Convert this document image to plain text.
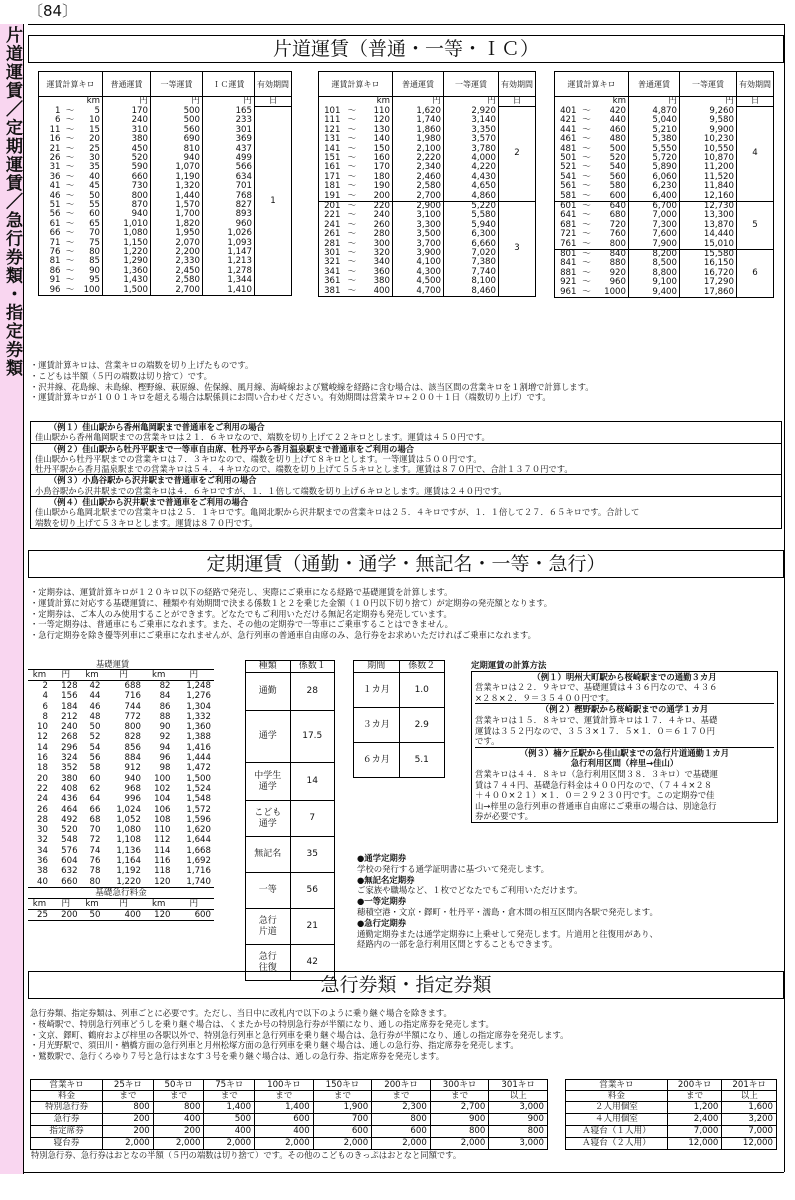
片道運賃／定期運賃／急行券類・指定券類
〔84〕
片道運賃（普通・一等・ＩＣ）
運賃計算キロ			普通運賃	一等運賃	ＩＣ運賃	有効期間
km			円	円	円	日
1	〜	5	170	500	165	1
6	〜	10	240	500	233	
11	〜	15	310	560	301	
16	〜	20	380	690	369	
21	〜	25	450	810	437	
26	〜	30	520	940	499	
31	〜	35	590	1,070	566	
36	〜	40	660	1,190	634	
41	〜	45	730	1,320	701	
46	〜	50	800	1,440	768	
51	〜	55	870	1,570	827	
56	〜	60	940	1,700	893	
61	〜	65	1,010	1,820	960	
66	〜	70	1,080	1,950	1,026	
71	〜	75	1,150	2,070	1,093	
76	〜	80	1,220	2,200	1,147	
81	〜	85	1,290	2,330	1,213	
86	〜	90	1,360	2,450	1,278	
91	〜	95	1,430	2,580	1,344	
96	〜	100	1,500	2,700	1,410	
運賃計算キロ			普通運賃	一等運賃	有効期間
km			円	円	日
101	〜	110	1,620	2,920	2
111	〜	120	1,740	3,140	
121	〜	130	1,860	3,350	
131	〜	140	1,980	3,570	
141	〜	150	2,100	3,780	
151	〜	160	2,220	4,000	
161	〜	170	2,340	4,220	
171	〜	180	2,460	4,430	
181	〜	190	2,580	4,650	
191	〜	200	2,700	4,860	
201	〜	220	2,900	5,220	3
221	〜	240	3,100	5,580	
241	〜	260	3,300	5,940	
261	〜	280	3,500	6,300	
281	〜	300	3,700	6,660	
301	〜	320	3,900	7,020	
321	〜	340	4,100	7,380	
341	〜	360	4,300	7,740	
361	〜	380	4,500	8,100	
381	〜	400	4,700	8,460	
運賃計算キロ			普通運賃	一等運賃	有効期間
km			円	円	日
401	〜	420	4,870	9,260	4
421	〜	440	5,040	9,580	
441	〜	460	5,210	9,900	
461	〜	480	5,380	10,230	
481	〜	500	5,550	10,550	
501	〜	520	5,720	10,870	
521	〜	540	5,890	11,200	
541	〜	560	6,060	11,520	
561	〜	580	6,230	11,840	
581	〜	600	6,400	12,160	
601	〜	640	6,700	12,730	5
641	〜	680	7,000	13,300	
681	〜	720	7,300	13,870	
721	〜	760	7,600	14,440	
761	〜	800	7,900	15,010	
801	〜	840	8,200	15,580	6
841	〜	880	8,500	16,150	
881	〜	920	8,800	16,720	
921	〜	960	9,100	17,290	
961	〜	1000	9,400	17,860	
・運賃計算キロは、営業キロの端数を切り上げたものです。
・こどもは半額（５円の端数は切り捨て）です。
・沢井線、花島線、未島線、樫野線、萩原線、佐保線、風月線、海崎線および鷲峻線を経路に含む場合は、該当区間の営業キロを１割増で計算します。
・運賃計算キロが１００１キロを超える場合は駅係員にお問い合わせください。有効期間は営業キロ÷２００＋１日（端数切り上げ）です。
（例１）佳山駅から香州亀岡駅まで普通車をご利用の場合
佳山駅から香州亀岡駅までの営業キロは２１．６キロなので、端数を切り上げて２２キロとします。運賃は４５０円です。
（例２）佳山駅から牡丹平駅まで一等車自由席、牡丹平から香月温泉駅まで普通車をご利用の場合
佳山駅から牡丹平駅までの営業キロは７．３キロなので、端数を切り上げて８キロとします。一等運賃は５００円です。
牡丹平駅から香月温泉駅までの営業キロは５４．４キロなので、端数を切り上げて５５キロとします。運賃は８７０円で、合計１３７０円です。
（例３）小鳥谷駅から沢井駅まで普通車をご利用の場合
小鳥谷駅から沢井駅までの営業キロは４．６キロですが、１．１倍して端数を切り上げ６キロとします。運賃は２４０円です。
（例４）佳山駅から沢井駅まで普通車をご利用の場合
佳山駅から亀岡北駅までの営業キロは２５．１キロです。亀岡北駅から沢井駅までの営業キロは２５．４キロですが、１．１倍して２７．６５キロです。合計して
端数を切り上げて５３キロとします。運賃は８７０円です。
定期運賃（通勤・通学・無記名・一等・急行）
・定期券は、運賃計算キロが１２０キロ以下の経路で発売し、実際にご乗車になる経路で基礎運賃を計算します。
・運賃計算に対応する基礎運賃に、種類や有効期間で決まる係数１と２を乗じた金額（１０円以下切り捨て）が定期券の発売額となります。
・定期券は、ご本人のみ使用することができます。どなたでもご利用いただける無記名定期券も発売しています。
・一等定期券は、普通車にもご乗車になれます。また、その他の定期券で一等車にご乗車することはできません。
・急行定期券を除き優等列車にご乗車になれませんが、急行列車の普通車自由席のみ、急行券をお求めいただければご乗車になれます。
基礎運賃
km	円	km	円	km	円
2	128	42	688	82	1,248
4	156	44	716	84	1,276
6	184	46	744	86	1,304
8	212	48	772	88	1,332
10	240	50	800	90	1,360
12	268	52	828	92	1,388
14	296	54	856	94	1,416
16	324	56	884	96	1,444
18	352	58	912	98	1,472
20	380	60	940	100	1,500
22	408	62	968	102	1,524
24	436	64	996	104	1,548
26	464	66	1,024	106	1,572
28	492	68	1,052	108	1,596
30	520	70	1,080	110	1,620
32	548	72	1,108	112	1,644
34	576	74	1,136	114	1,668
36	604	76	1,164	116	1,692
38	632	78	1,192	118	1,716
40	660	80	1,220	120	1,740
基礎急行料金					
km	円	km	円	km	円
25	200	50	400	120	600
種類	係数１
通勤	28
通学	17.5
中学生
通学	14
こども
通学	7
無記名	35
一等	56
急行
片道	21
急行
往復	42
期間	係数２
１カ月	1.0
３カ月	2.9
６カ月	5.1
定期運賃の計算方法
（例１）明州大町駅から桜崎駅までの通勤３カ月
営業キロは２２．９キロで、基礎運賃は４３６円なので、４３６
×２８×２．９＝３５４００円です。
（例２）樫野駅から桜崎駅までの通学１カ月
営業キロは１５．８キロで、運賃計算キロは１７．４キロ、基礎
運賃は３５２円なので、３５３×１７．５×１．０＝６１７０円
です。
（例３）楠ケ丘駅から佳山駅までの急行片道通勤１カ月
急行利用区間（梓里→佳山）
営業キロは４４．８キロ（急行利用区間３８．３キロ）で基礎運
賃は７４４円、基礎急行料金は４００円なので、（７４４×２８
＋４００×２１）×１．０＝２９２３０円です。この定期券で佳
山→梓里の急行列車の普通車自由席にご乗車の場合は、別途急行
券が必要です。
●通学定期券
学校の発行する通学証明書に基づいて発売します。
●無記名定期券
ご家族や職場など、１枚でどなたでもご利用いただけます。
●一等定期券
穂積空港・文京・鐸町・牡丹平・濡島・倉木間の相互区間内各駅で発売します。
●急行定期券
通勤定期券または通学定期券に上乗せして発売します。片道用と往復用があり、
経路内の一部を急行利用区間とすることもできます。
急行券類・指定券類
急行券類、指定券類は、列車ごとに必要です。ただし、当日中に改札内で以下のように乗り継ぐ場合を除きます。
・桜崎駅で、特別急行列車どうしを乗り継ぐ場合は、くまたか号の特別急行券が半額になり、通しの指定席券を発売します。
・文京、鐸町、鶴府および梓里の各駅以外で、特別急行列車と急行列車を乗り継ぐ場合は、急行券が半額になり、通しの指定席券を発売します。
・月光野駅で、須田川・楢橋方面の急行列車と月州松塚方面の急行列車を乗り継ぐ場合は、通しの急行券、指定席券を発売します。
・鷲数駅で、急行くろゆり７号と急行はまなす３号を乗り継ぐ場合は、通しの急行券、指定席券を発売します。
営業キロ	25キロ	50キロ	75キロ	100キロ	150キロ	200キロ	300キロ	301キロ
料金	まで	まで	まで	まで	まで	まで	まで	以上
特別急行券	800	800	1,400	1,400	1,900	2,300	2,700	3,000
急行券	200	400	500	600	700	800	900	900
指定席券	200	200	400	400	600	600	800	800
寝台券	2,000	2,000	2,000	2,000	2,000	2,000	2,000	3,000
営業キロ	200キロ	201キロ
料金	まで	以上
２人用個室	1,200	1,600
４人用個室	2,400	3,200
Ａ寝台（１人用）	7,000	7,000
Ａ寝台（２人用）	12,000	12,000
特別急行券、急行券はおとなの半額（５円の端数は切り捨て）です。その他のこどものきっぷはおとなと同額です。
